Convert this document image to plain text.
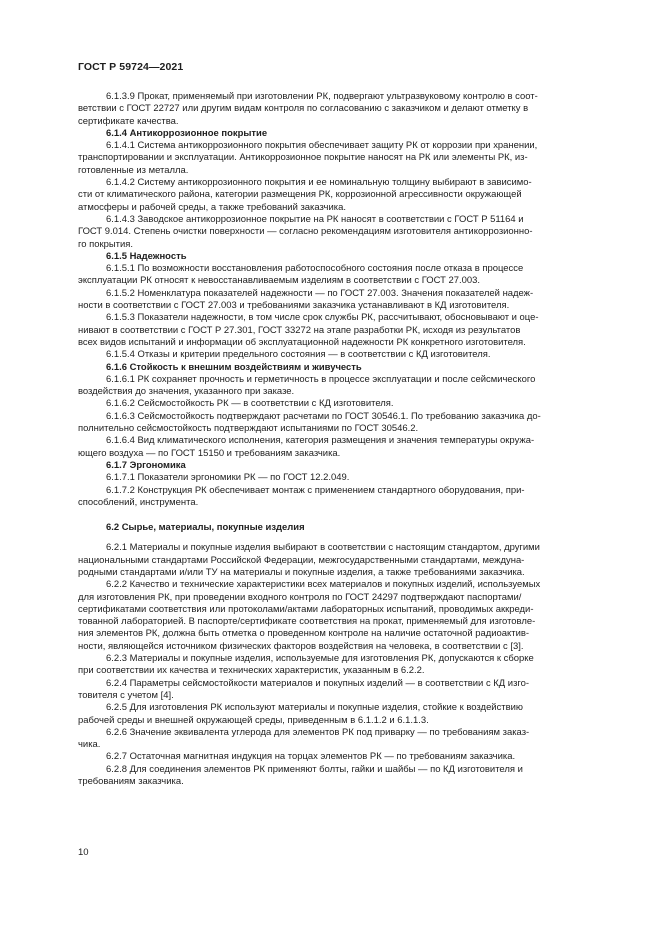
ГОСТ Р 59724—2021

6.1.3.9 Прокат, применяемый при изготовлении РК, подвергают ультразвуковому контролю в соот-
ветствии с ГОСТ 22727 или другим видам контроля по согласованию с заказчиком и делают отметку в
сертификате качества.

6.1.4 Антикоррозионное покрытие

6.1.4.1 Система антикоррозионного покрытия обеспечивает защиту РК от коррозии при хранении,
транспортировании и эксплуатации. Антикоррозионное покрытие наносят на РК или элементы РК, из-
готовленные из металла.

6.1.4.2 Систему антикоррозионного покрытия и ее номинальную толщину выбирают в зависимо-
сти от климатического района, категории размещения РК, коррозионной агрессивности окружающей
атмосферы и рабочей среды, а также требований заказчика.

6.1.4.3 Заводское антикоррозионное покрытие на РК наносят в соответствии с ГОСТ Р 51164 и
ГОСТ 9.014. Степень очистки поверхности — согласно рекомендациям изготовителя антикоррозионно-
го покрытия.

6.1.5 Надежность

6.1.5.1 По возможности восстановления работоспособного состояния после отказа в процессе
эксплуатации РК относят к невосстанавливаемым изделиям в соответствии с ГОСТ 27.003.

6.1.5.2 Номенклатура показателей надежности — по ГОСТ 27.003. Значения показателей надеж-
ности в соответствии с ГОСТ 27.003 и требованиями заказчика устанавливают в КД изготовителя.

6.1.5.3 Показатели надежности, в том числе срок службы РК, рассчитывают, обосновывают и оце-
нивают в соответствии с ГОСТ Р 27.301, ГОСТ 33272 на этапе разработки РК, исходя из результатов
всех видов испытаний и информации об эксплуатационной надежности РК конкретного изготовителя.

6.1.5.4 Отказы и критерии предельного состояния — в соответствии с КД изготовителя.

6.1.6 Стойкость к внешним воздействиям и живучесть

6.1.6.1 РК сохраняет прочность и герметичность в процессе эксплуатации и после сейсмического
воздействия до значения, указанного при заказе.

6.1.6.2 Сейсмостойкость РК — в соответствии с КД изготовителя.

6.1.6.3 Сейсмостойкость подтверждают расчетами по ГОСТ 30546.1. По требованию заказчика до-
полнительно сейсмостойкость подтверждают испытаниями по ГОСТ 30546.2.

6.1.6.4 Вид климатического исполнения, категория размещения и значения температуры окружа-
ющего воздуха — по ГОСТ 15150 и требованиям заказчика.

6.1.7 Эргономика

6.1.7.1 Показатели эргономики РК — по ГОСТ 12.2.049.

6.1.7.2 Конструкция РК обеспечивает монтаж с применением стандартного оборудования, при-
способлений, инструмента.

6.2 Сырье, материалы, покупные изделия

6.2.1 Материалы и покупные изделия выбирают в соответствии с настоящим стандартом, другими
национальными стандартами Российской Федерации, межгосударственными стандартами, междуна-
родными стандартами и/или ТУ на материалы и покупные изделия, а также требованиями заказчика.

6.2.2 Качество и технические характеристики всех материалов и покупных изделий, используемых
для изготовления РК, при проведении входного контроля по ГОСТ 24297 подтверждают паспортами/
сертификатами соответствия или протоколами/актами лабораторных испытаний, проводимых аккреди-
тованной лабораторией. В паспорте/сертификате соответствия на прокат, применяемый для изготовле-
ния элементов РК, должна быть отметка о проведенном контроле на наличие остаточной радиоактив-
ности, являющейся источником физических факторов воздействия на человека, в соответствии с [3].

6.2.3 Материалы и покупные изделия, используемые для изготовления РК, допускаются к сборке
при соответствии их качества и технических характеристик, указанным в 6.2.2.

6.2.4 Параметры сейсмостойкости материалов и покупных изделий — в соответствии с КД изго-
товителя с учетом [4].

6.2.5 Для изготовления РК используют материалы и покупные изделия, стойкие к воздействию
рабочей среды и внешней окружающей среды, приведенным в 6.1.1.2 и 6.1.1.3.

6.2.6 Значение эквивалента углерода для элементов РК под приварку — по требованиям заказ-
чика.

6.2.7 Остаточная магнитная индукция на торцах элементов РК — по требованиям заказчика.

6.2.8 Для соединения элементов РК применяют болты, гайки и шайбы — по КД изготовителя и
требованиям заказчика.

10
